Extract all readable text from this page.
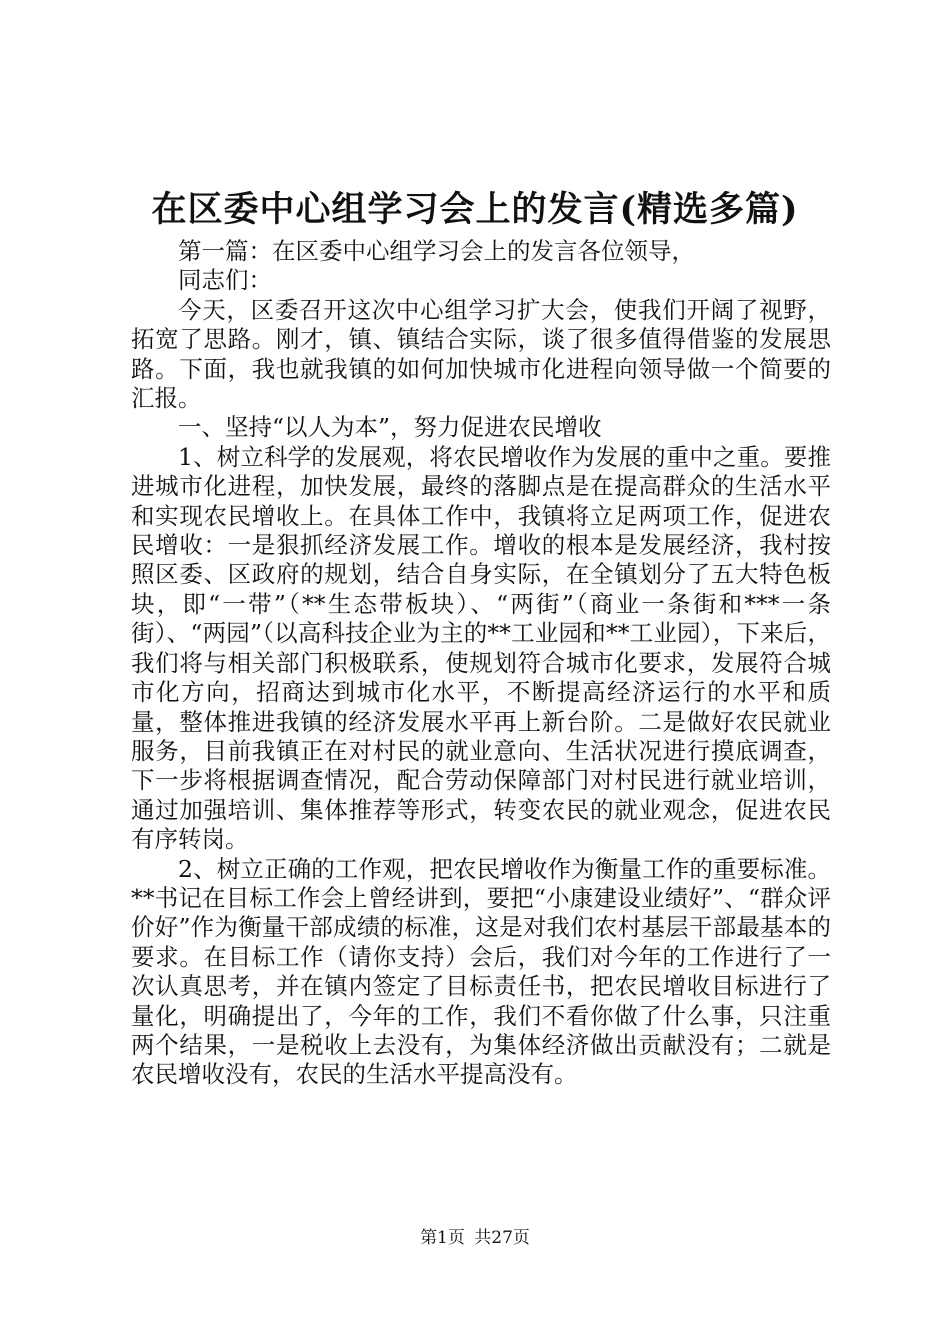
在区委中心组学习会上的发言(精选多篇)

第一篇：在区委中心组学习会上的发言各位领导，

同志们：

今天，区委召开这次中心组学习扩大会，使我们开阔了视野，拓宽了思路。刚才，镇、镇结合实际，谈了很多值得借鉴的发展思路。下面，我也就我镇的如何加快城市化进程向领导做一个简要的汇报。

一、坚持“以人为本”，努力促进农民增收

1、树立科学的发展观，将农民增收作为发展的重中之重。要推进城市化进程，加快发展，最终的落脚点是在提高群众的生活水平和实现农民增收上。在具体工作中，我镇将立足两项工作，促进农民增收：一是狠抓经济发展工作。增收的根本是发展经济，我村按照区委、区政府的规划，结合自身实际，在全镇划分了五大特色板块，即“一带”（**生态带板块）、“两街”（商业一条街和***一条街）、“两园”（以高科技企业为主的**工业园和**工业园），下来后，我们将与相关部门积极联系，使规划符合城市化要求，发展符合城市化方向，招商达到城市化水平，不断提高经济运行的水平和质量，整体推进我镇的经济发展水平再上新台阶。二是做好农民就业服务，目前我镇正在对村民的就业意向、生活状况进行摸底调查，下一步将根据调查情况，配合劳动保障部门对村民进行就业培训，通过加强培训、集体推荐等形式，转变农民的就业观念，促进农民有序转岗。

2、树立正确的工作观，把农民增收作为衡量工作的重要标准。**书记在目标工作会上曾经讲到，要把“小康建设业绩好”、“群众评价好”作为衡量干部成绩的标准，这是对我们农村基层干部最基本的要求。在目标工作（请你支持）会后，我们对今年的工作进行了一次认真思考，并在镇内签定了目标责任书，把农民增收目标进行了量化，明确提出了，今年的工作，我们不看你做了什么事，只注重两个结果，一是税收上去没有，为集体经济做出贡献没有；二就是农民增收没有，农民的生活水平提高没有。

第1页 共27页
